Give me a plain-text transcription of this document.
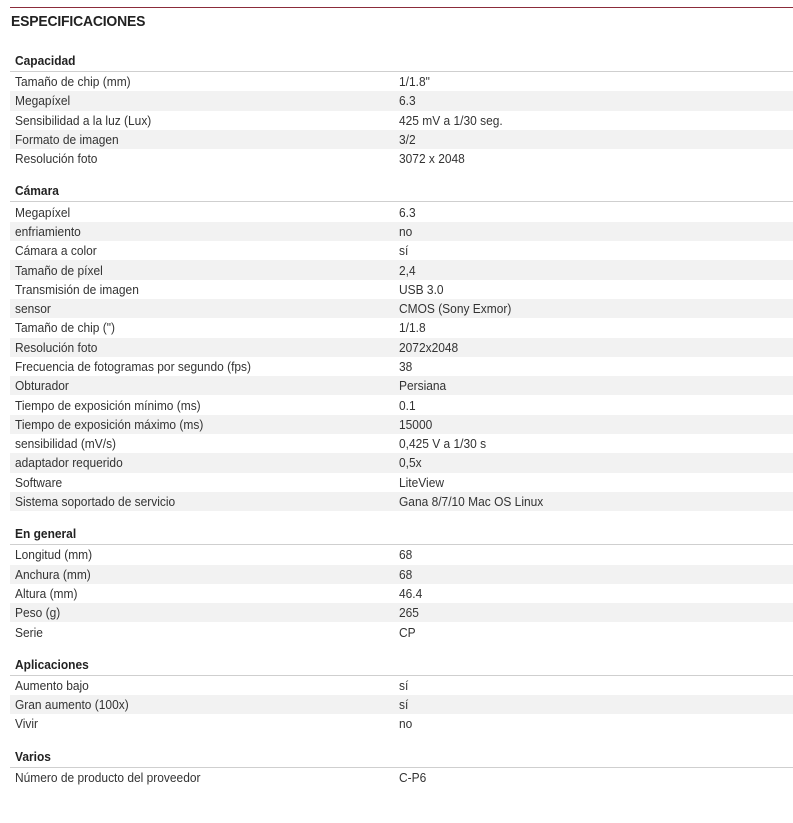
ESPECIFICACIONES
Capacidad
Tamaño de chip (mm)	1/1.8"
Megapíxel	6.3
Sensibilidad a la luz (Lux)	425 mV a 1/30 seg.
Formato de imagen	3/2
Resolución foto	3072 x 2048
Cámara
Megapíxel	6.3
enfriamiento	no
Cámara a color	sí
Tamaño de píxel	2,4
Transmisión de imagen	USB 3.0
sensor	CMOS (Sony Exmor)
Tamaño de chip (")	1/1.8
Resolución foto	2072x2048
Frecuencia de fotogramas por segundo (fps)	38
Obturador	Persiana
Tiempo de exposición mínimo (ms)	0.1
Tiempo de exposición máximo (ms)	15000
sensibilidad (mV/s)	0,425 V a 1/30 s
adaptador requerido	0,5x
Software	LiteView
Sistema soportado de servicio	Gana 8/7/10 Mac OS Linux
En general
Longitud (mm)	68
Anchura (mm)	68
Altura (mm)	46.4
Peso (g)	265
Serie	CP
Aplicaciones
Aumento bajo	sí
Gran aumento (100x)	sí
Vivir	no
Varios
Número de producto del proveedor	C-P6
